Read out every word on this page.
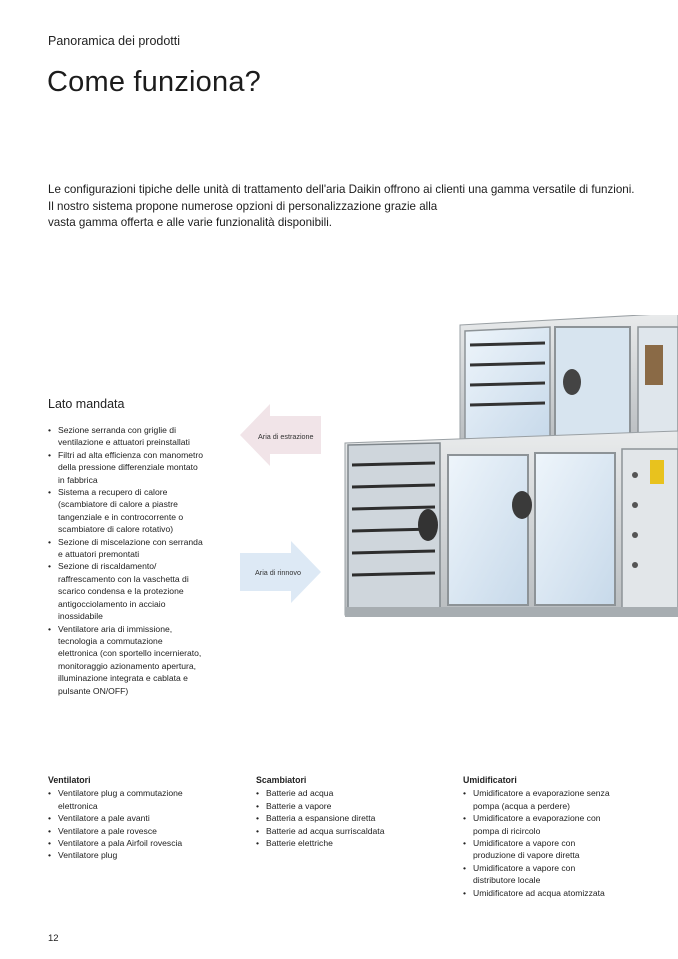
Panoramica dei prodotti
Come funziona?
Le configurazioni tipiche delle unità di trattamento dell'aria Daikin offrono ai clienti una gamma versatile di funzioni.
Il nostro sistema propone numerose opzioni di personalizzazione grazie alla
vasta gamma offerta e alle varie funzionalità disponibili.
Lato mandata
• Sezione serranda con griglie di
ventilazione e attuatori preinstallati
• Filtri ad alta efficienza con manometro
della pressione differenziale montato
in fabbrica
• Sistema a recupero di calore
(scambiatore di calore a piastre
tangenziale e in controcorrente o
scambiatore di calore rotativo)
• Sezione di miscelazione con serranda
e attuatori premontati
• Sezione di riscaldamento/
raffrescamento con la vaschetta di
scarico condensa e la protezione
antigocciolamento in acciaio
inossidabile
• Ventilatore aria di immissione,
tecnologia a commutazione
elettronica (con sportello incernierato,
monitoraggio azionamento apertura,
illuminazione integrata e cablata e
pulsante ON/OFF)
Aria di estrazione
Aria di rinnovo
Ventilatori
• Ventilatore plug a commutazione
elettronica
• Ventilatore a pale avanti
• Ventilatore a pale rovesce
• Ventilatore a pala Airfoil rovescia
• Ventilatore plug
Scambiatori
• Batterie ad acqua
• Batterie a vapore
• Batteria a espansione diretta
• Batterie ad acqua surriscaldata
• Batterie elettriche
Umidificatori
• Umidificatore a evaporazione senza
pompa (acqua a perdere)
• Umidificatore a evaporazione con
pompa di ricircolo
• Umidificatore a vapore con
produzione di vapore diretta
• Umidificatore a vapore con
distributore locale
• Umidificatore ad acqua atomizzata
12
